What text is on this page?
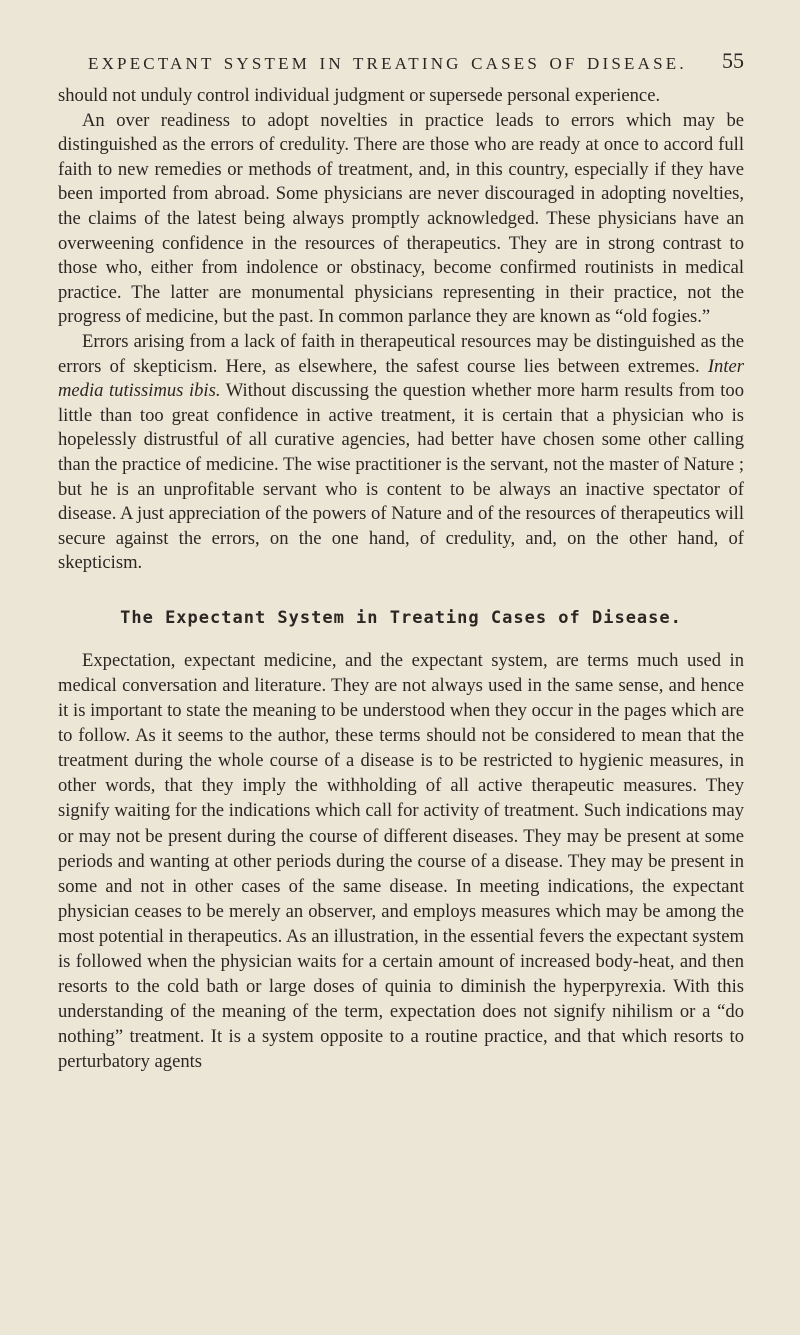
EXPECTANT SYSTEM IN TREATING CASES OF DISEASE. 55

should not unduly control individual judgment or supersede personal experience.

An over readiness to adopt novelties in practice leads to errors which may be distinguished as the errors of credulity. There are those who are ready at once to accord full faith to new remedies or methods of treatment, and, in this country, especially if they have been imported from abroad. Some physicians are never discouraged in adopting novelties, the claims of the latest being always promptly acknowledged. These physicians have an overweening confidence in the resources of therapeutics. They are in strong contrast to those who, either from indolence or obstinacy, become confirmed routinists in medical practice. The latter are monumental physicians representing in their practice, not the progress of medicine, but the past. In common parlance they are known as “old fogies.”

Errors arising from a lack of faith in therapeutical resources may be distinguished as the errors of skepticism. Here, as elsewhere, the safest course lies between extremes. Inter media tutissimus ibis. Without discussing the question whether more harm results from too little than too great confidence in active treatment, it is certain that a physician who is hopelessly distrustful of all curative agencies, had better have chosen some other calling than the practice of medicine. The wise practitioner is the servant, not the master of Nature ; but he is an unprofitable servant who is content to be always an inactive spectator of disease. A just appreciation of the powers of Nature and of the resources of therapeutics will secure against the errors, on the one hand, of credulity, and, on the other hand, of skepticism.

The Expectant System in Treating Cases of Disease.

Expectation, expectant medicine, and the expectant system, are terms much used in medical conversation and literature. They are not always used in the same sense, and hence it is important to state the meaning to be understood when they occur in the pages which are to follow. As it seems to the author, these terms should not be considered to mean that the treatment during the whole course of a disease is to be restricted to hygienic measures, in other words, that they imply the withholding of all active therapeutic measures. They signify waiting for the indications which call for activity of treatment. Such indications may or may not be present during the course of different diseases. They may be present at some periods and wanting at other periods during the course of a disease. They may be present in some and not in other cases of the same disease. In meeting indications, the expectant physician ceases to be merely an observer, and employs measures which may be among the most potential in therapeutics. As an illustration, in the essential fevers the expectant system is followed when the physician waits for a certain amount of increased body-heat, and then resorts to the cold bath or large doses of quinia to diminish the hyperpyrexia. With this understanding of the meaning of the term, expectation does not signify nihilism or a “do nothing” treatment. It is a system opposite to a routine practice, and that which resorts to perturbatory agents
